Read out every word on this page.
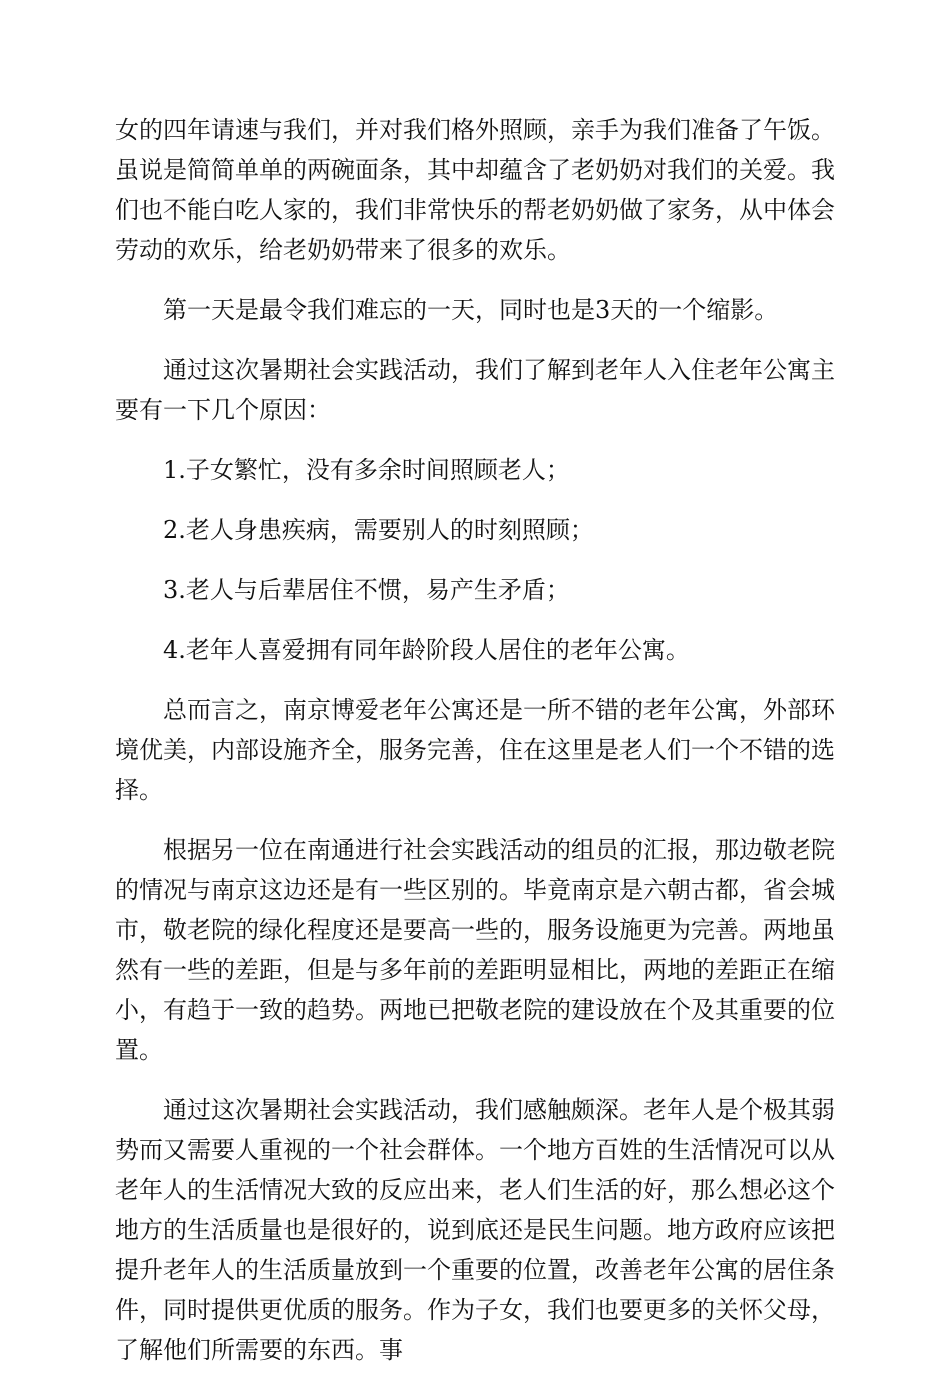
女的四年请速与我们，并对我们格外照顾，亲手为我们准备了午饭。虽说是简简单单的两碗面条，其中却蕴含了老奶奶对我们的关爱。我们也不能白吃人家的，我们非常快乐的帮老奶奶做了家务，从中体会劳动的欢乐，给老奶奶带来了很多的欢乐。

第一天是最令我们难忘的一天，同时也是3天的一个缩影。

通过这次暑期社会实践活动，我们了解到老年人入住老年公寓主要有一下几个原因：

1.子女繁忙，没有多余时间照顾老人；

2.老人身患疾病，需要别人的时刻照顾；

3.老人与后辈居住不惯，易产生矛盾；

4.老年人喜爱拥有同年龄阶段人居住的老年公寓。

总而言之，南京博爱老年公寓还是一所不错的老年公寓，外部环境优美，内部设施齐全，服务完善，住在这里是老人们一个不错的选择。

根据另一位在南通进行社会实践活动的组员的汇报，那边敬老院的情况与南京这边还是有一些区别的。毕竟南京是六朝古都，省会城市，敬老院的绿化程度还是要高一些的，服务设施更为完善。两地虽然有一些的差距，但是与多年前的差距明显相比，两地的差距正在缩小，有趋于一致的趋势。两地已把敬老院的建设放在个及其重要的位置。

通过这次暑期社会实践活动，我们感触颇深。老年人是个极其弱势而又需要人重视的一个社会群体。一个地方百姓的生活情况可以从老年人的生活情况大致的反应出来，老人们生活的好，那么想必这个地方的生活质量也是很好的，说到底还是民生问题。地方政府应该把提升老年人的生活质量放到一个重要的位置，改善老年公寓的居住条件，同时提供更优质的服务。作为子女，我们也要更多的关怀父母，了解他们所需要的东西。事
